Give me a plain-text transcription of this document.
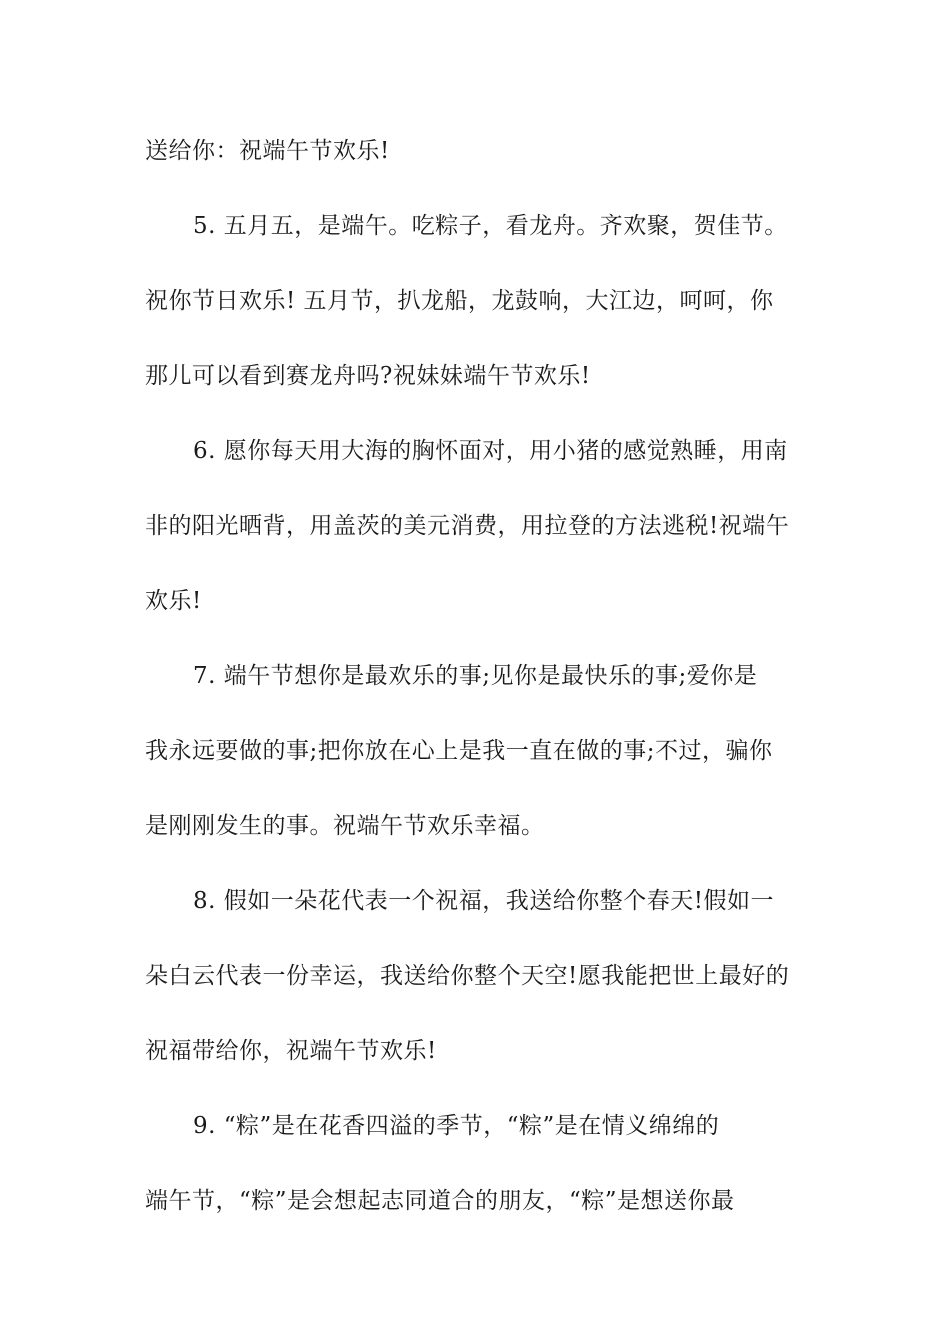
送给你：祝端午节欢乐!
5. 五月五，是端午。吃粽子，看龙舟。齐欢聚，贺佳节。
祝你节日欢乐! 五月节，扒龙船，龙鼓响，大江边，呵呵，你
那儿可以看到赛龙舟吗?祝妹妹端午节欢乐!
6. 愿你每天用大海的胸怀面对，用小猪的感觉熟睡，用南
非的阳光晒背，用盖茨的美元消费，用拉登的方法逃税!祝端午
欢乐!
7. 端午节想你是最欢乐的事;见你是最快乐的事;爱你是
我永远要做的事;把你放在心上是我一直在做的事;不过，骗你
是刚刚发生的事。祝端午节欢乐幸福。
8. 假如一朵花代表一个祝福，我送给你整个春天!假如一
朵白云代表一份幸运，我送给你整个天空!愿我能把世上最好的
祝福带给你，祝端午节欢乐!
9. “粽”是在花香四溢的季节，“粽”是在情义绵绵的
端午节，“粽”是会想起志同道合的朋友，“粽”是想送你最
